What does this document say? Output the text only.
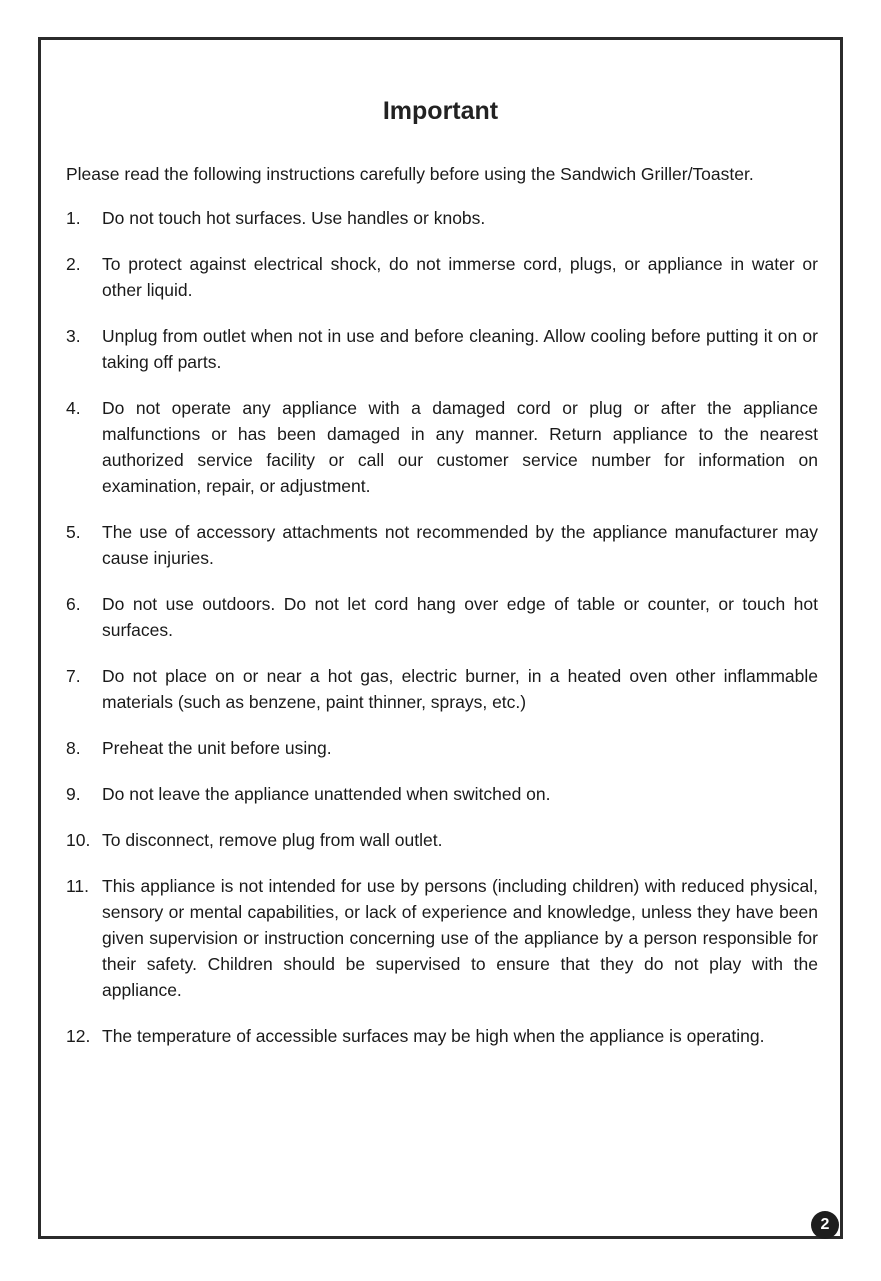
Important
Please read the following instructions carefully before using the Sandwich Griller/Toaster.
1. Do not touch hot surfaces. Use handles or knobs.
2. To protect against electrical shock, do not immerse cord, plugs, or appliance in water or other liquid.
3. Unplug from outlet when not in use and before cleaning. Allow cooling before putting it on or taking off parts.
4. Do not operate any appliance with a damaged cord or plug or after the appliance malfunctions or has been damaged in any manner. Return appliance to the nearest authorized service facility or call our customer service number for information on examination, repair, or adjustment.
5. The use of accessory attachments not recommended by the appliance manufacturer may cause injuries.
6. Do not use outdoors. Do not let cord hang over edge of table or counter, or touch hot surfaces.
7. Do not place on or near a hot gas, electric burner, in a heated oven other inflammable materials (such as benzene, paint thinner, sprays, etc.)
8. Preheat the unit before using.
9. Do not leave the appliance unattended when switched on.
10. To disconnect, remove plug from wall outlet.
11. This appliance is not intended for use by persons (including children) with reduced physical, sensory or mental capabilities, or lack of experience and knowledge, unless they have been given supervision or instruction concerning use of the appliance by a person responsible for their safety. Children should be supervised to ensure that they do not play with the appliance.
12. The temperature of accessible surfaces may be high when the appliance is operating.
2
